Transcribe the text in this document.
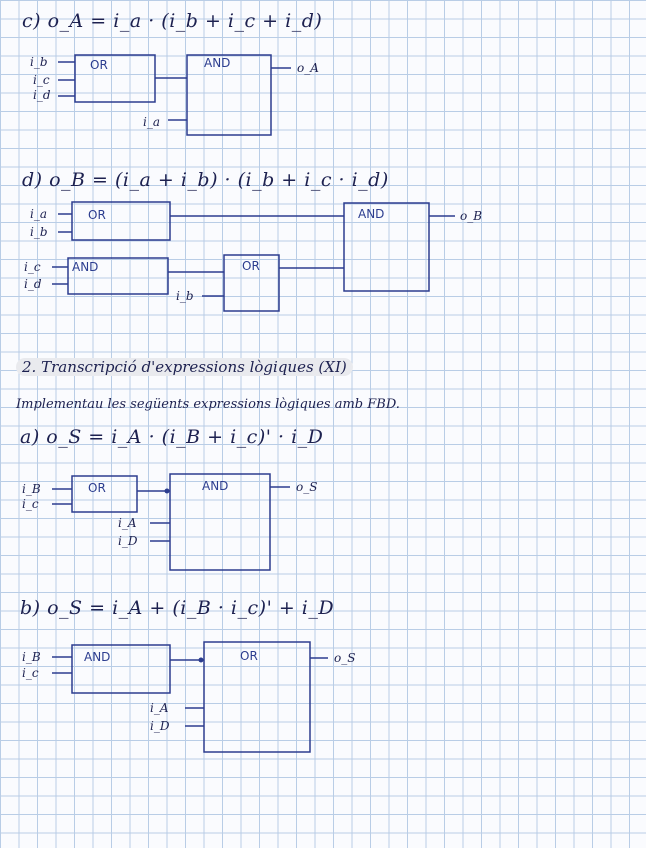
c) o_A = i_a · (i_b + i_c + i_d)
i_b
i_c
i_d
OR
i_a
AND	o_A
d) o_B = (i_a + i_b) · (i_b + i_c · i_d)
i_a
i_b
OR
i_c
i_d
AND
i_b
OR
AND	o_B
2. Transcripció d'expressions lògiques (XI)
Implementau les següents expressions lògiques amb FBD.
a) o_S = i_A · (i_B + i_c)' · i_D
i_B
i_c
OR
i_A
i_D
AND	o_S
b) o_S = i_A + (i_B · i_c)' + i_D
i_B
i_c
AND
i_A
i_D
OR	o_S
